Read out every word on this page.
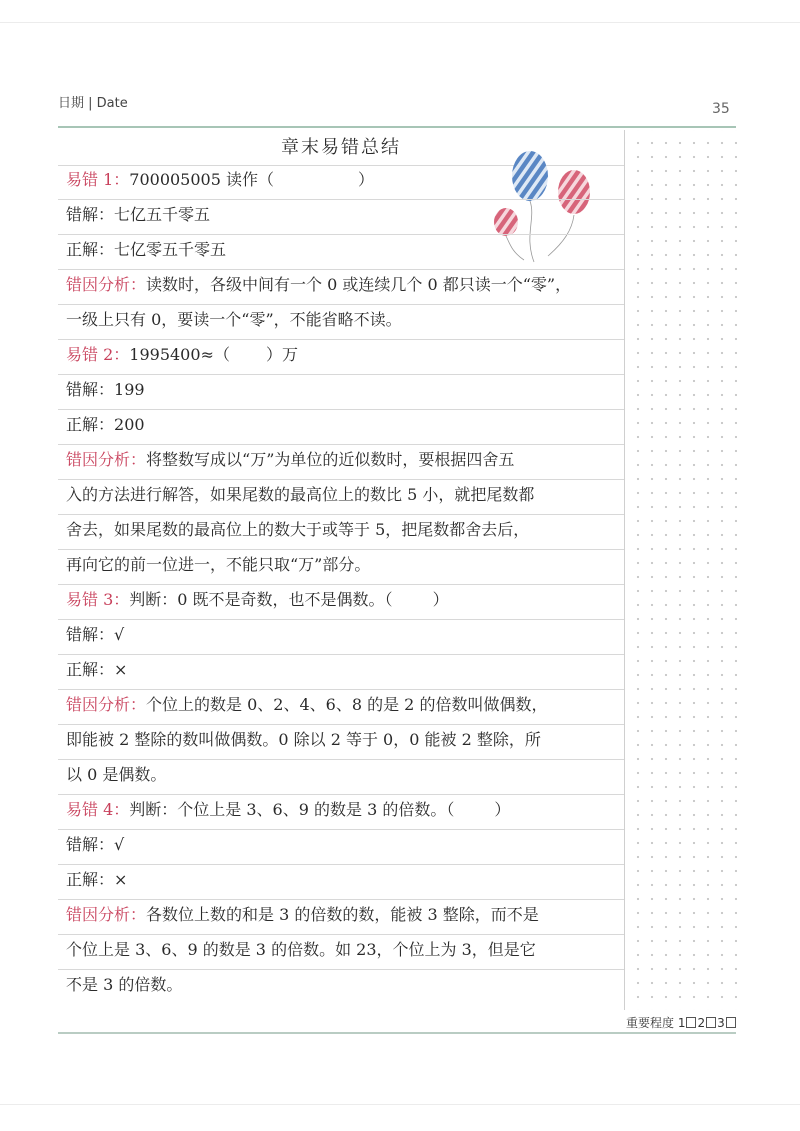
日期 | Date	35
章末易错总结
易错 1：700005005 读作（	）
错解：七亿五千零五
正解：七亿零五千零五
错因分析：读数时，各级中间有一个 0 或连续几个 0 都只读一个“零”，
一级上只有 0，要读一个“零”，不能省略不读。
易错 2：1995400≈（ ）万
错解：199
正解：200
错因分析：将整数写成以“万”为单位的近似数时，要根据四舍五
入的方法进行解答，如果尾数的最高位上的数比 5 小，就把尾数都
舍去，如果尾数的最高位上的数大于或等于 5，把尾数都舍去后，
再向它的前一位进一，不能只取“万”部分。
易错 3：判断：0 既不是奇数，也不是偶数。（	）
错解：√
正解：×
错因分析：个位上的数是 0、2、4、6、8 的是 2 的倍数叫做偶数，
即能被 2 整除的数叫做偶数。0 除以 2 等于 0，0 能被 2 整除，所
以 0 是偶数。
易错 4：判断：个位上是 3、6、9 的数是 3 的倍数。（	）
错解：√
正解：×
错因分析：各数位上数的和是 3 的倍数的数，能被 3 整除，而不是
个位上是 3、6、9 的数是 3 的倍数。如 23，个位上为 3，但是它
不是 3 的倍数。
重要程度 1 2 3
